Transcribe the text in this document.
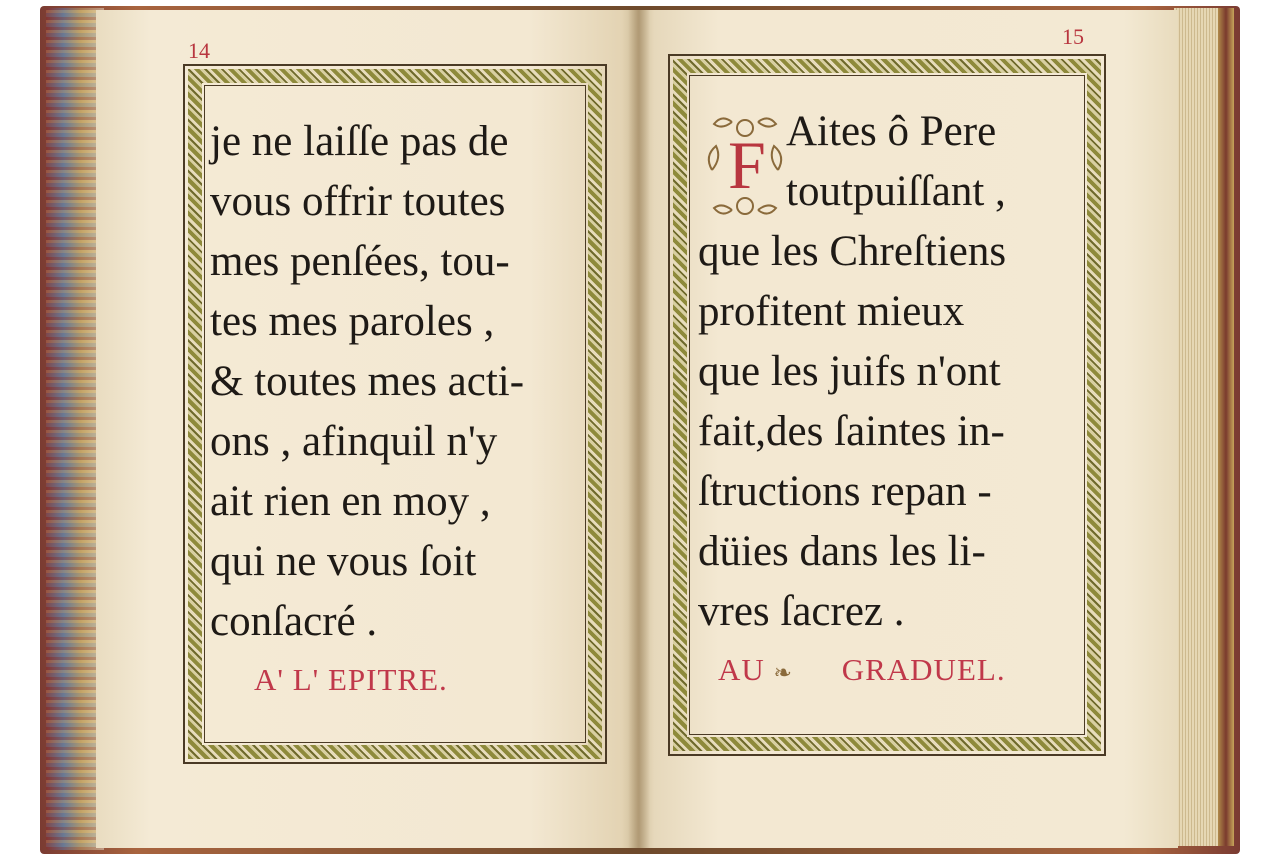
14
15
je ne laiſſe pas de
vous offrir toutes
mes penſées, tou-
tes mes paroles ,
& toutes mes acti-
ons , afinquil n'y
ait rien en moy ,
qui ne vous ſoit
conſacré .
A' L' EPITRE.
F Aites ô Pere
toutpuiſſant ,
que les Chreſtiens
profitent mieux
que les juifs n'ont
fait,des ſaintes in-
ſtructions repan -
düies dans les li-
vres ſacrez .
AU ❧ GRADUEL.
